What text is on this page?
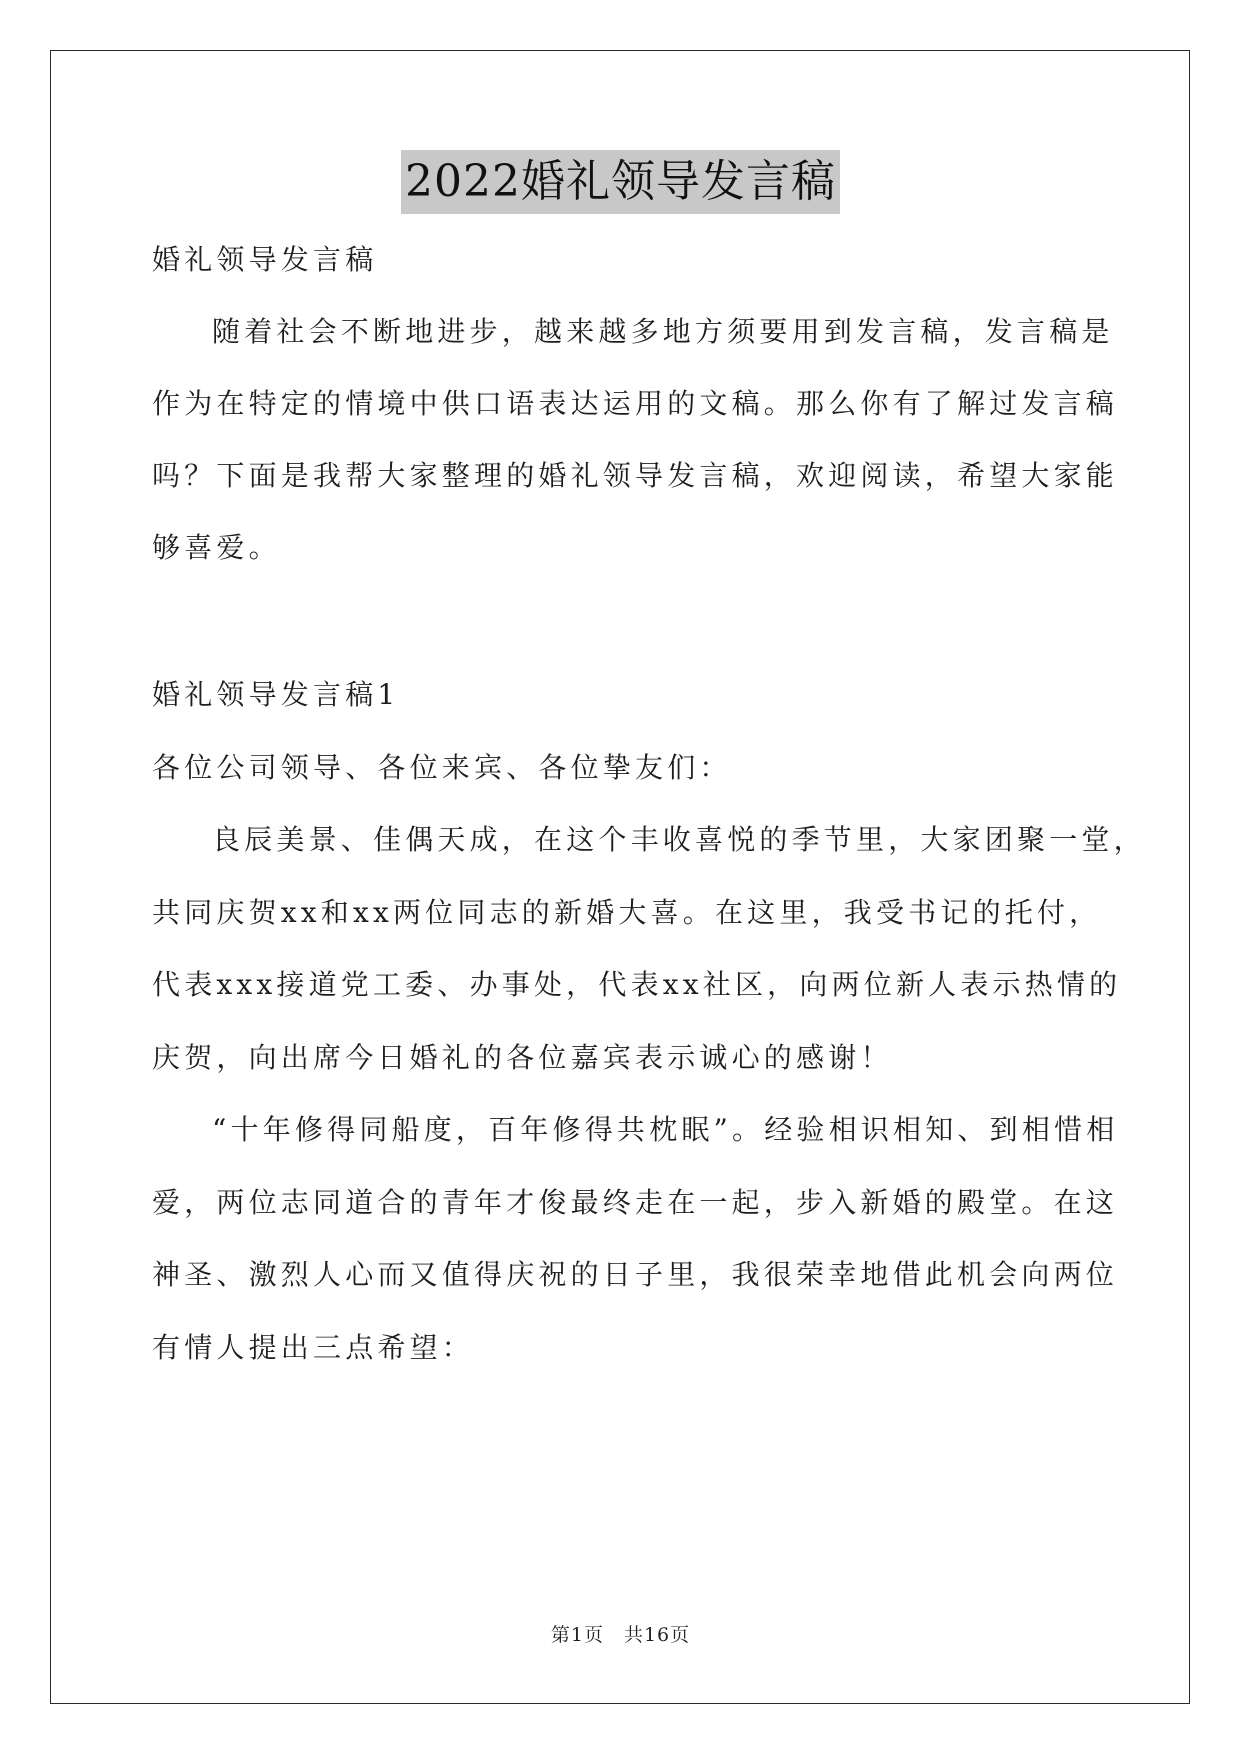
2022婚礼领导发言稿
婚礼领导发言稿
随着社会不断地进步，越来越多地方须要用到发言稿，发言稿是
作为在特定的情境中供口语表达运用的文稿。那么你有了解过发言稿
吗？下面是我帮大家整理的婚礼领导发言稿，欢迎阅读，希望大家能
够喜爱。
婚礼领导发言稿1
各位公司领导、各位来宾、各位挚友们：
良辰美景、佳偶天成，在这个丰收喜悦的季节里，大家团聚一堂，
共同庆贺xx和xx两位同志的新婚大喜。在这里，我受书记的托付，
代表xxx接道党工委、办事处，代表xx社区，向两位新人表示热情的
庆贺，向出席今日婚礼的各位嘉宾表示诚心的感谢！
“十年修得同船度，百年修得共枕眠”。经验相识相知、到相惜相
爱，两位志同道合的青年才俊最终走在一起，步入新婚的殿堂。在这
神圣、激烈人心而又值得庆祝的日子里，我很荣幸地借此机会向两位
有情人提出三点希望：
第1页 共16页
